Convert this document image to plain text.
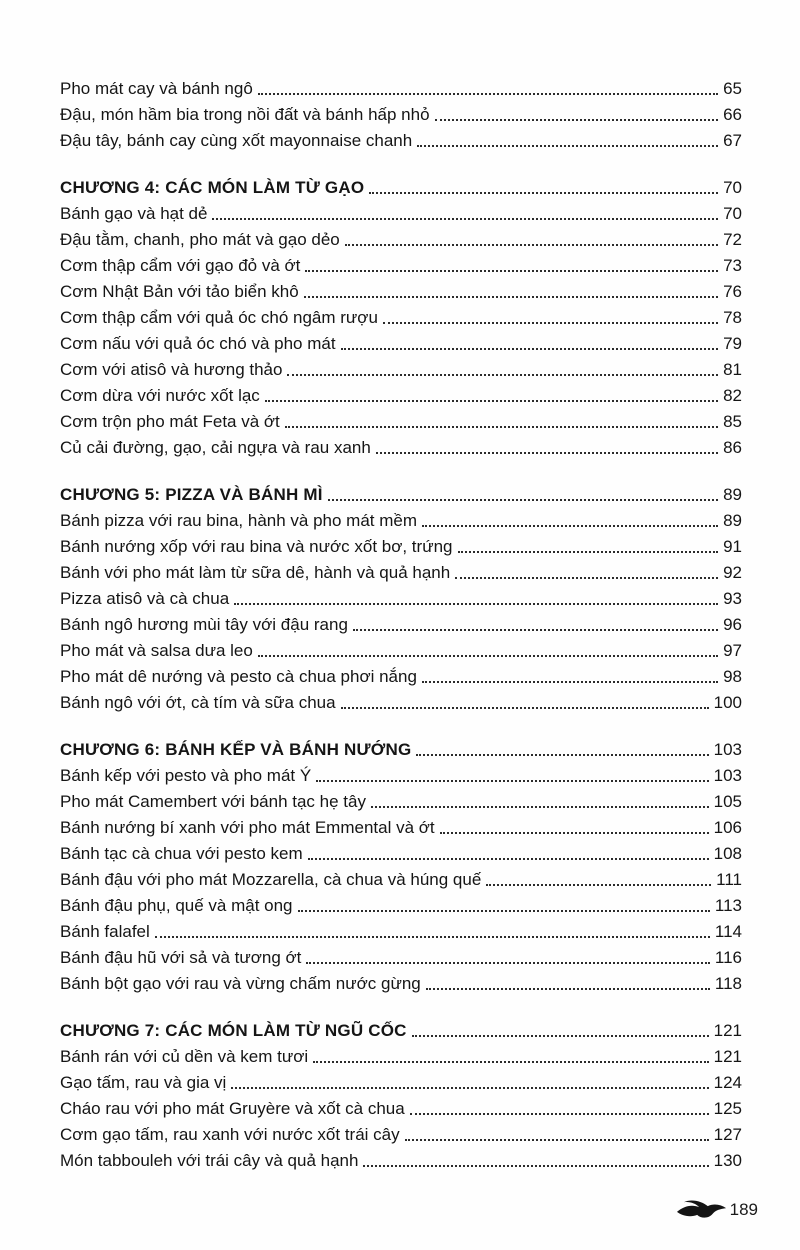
Pho mát cay và bánh ngô	65
Đậu, món hầm bia trong nồi đất và bánh hấp nhỏ	66
Đậu tây, bánh cay cùng xốt mayonnaise chanh	67
CHƯƠNG 4: CÁC MÓN LÀM TỪ GẠO	70
Bánh gạo và hạt dẻ	70
Đậu tằm, chanh, pho mát và gạo dẻo	72
Cơm thập cẩm với gạo đỏ và ớt	73
Cơm Nhật Bản với tảo biển khô	76
Cơm thập cẩm với quả óc chó ngâm rượu	78
Cơm nấu với quả óc chó và pho mát	79
Cơm với atisô và hương thảo	81
Cơm dừa với nước xốt lạc	82
Cơm trộn pho mát Feta và ớt	85
Củ cải đường, gạo, cải ngựa và rau xanh	86
CHƯƠNG 5: PIZZA VÀ BÁNH MÌ	89
Bánh pizza với rau bina, hành và pho mát mềm	89
Bánh nướng xốp với rau bina và nước xốt bơ, trứng	91
Bánh với pho mát làm từ sữa dê, hành và quả hạnh	92
Pizza atisô và cà chua	93
Bánh ngô hương mùi tây với đậu rang	96
Pho mát và salsa dưa leo	97
Pho mát dê nướng và pesto cà chua phơi nắng	98
Bánh ngô với ớt, cà tím và sữa chua	100
CHƯƠNG 6: BÁNH KẾP VÀ BÁNH NƯỚNG	103
Bánh kếp với pesto và pho mát Ý	103
Pho mát Camembert với bánh tạc hẹ tây	105
Bánh nướng bí xanh với pho mát Emmental và ớt	106
Bánh tạc cà chua với pesto kem	108
Bánh đậu với pho mát Mozzarella, cà chua và húng quế	111
Bánh đậu phụ, quế và mật ong	113
Bánh falafel	114
Bánh đậu hũ với sả và tương ớt	116
Bánh bột gạo với rau và vừng chấm nước gừng	118
CHƯƠNG 7: CÁC MÓN LÀM TỪ NGŨ CỐC	121
Bánh rán với củ dền và kem tươi	121
Gạo tấm, rau và gia vị	124
Cháo rau với pho mát Gruyère và xốt cà chua	125
Cơm gạo tấm, rau xanh với nước xốt trái cây	127
Món tabbouleh với trái cây và quả hạnh	130
189
